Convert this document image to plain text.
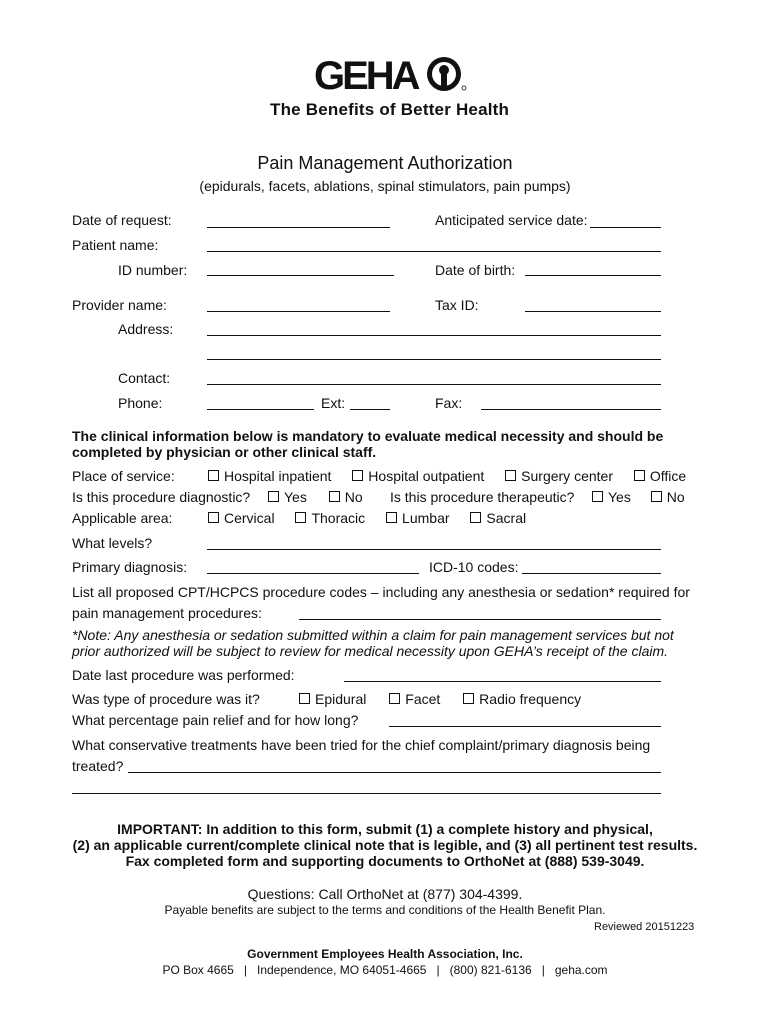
GEHA
The Benefits of Better Health
Pain Management Authorization
(epidurals, facets, ablations, spinal stimulators, pain pumps)
Date of request:	Anticipated service date:
Patient name:
ID number:	Date of birth:
Provider name:	Tax ID:
Address:
Contact:
Phone:	Ext:	Fax:
The clinical information below is mandatory to evaluate medical necessity and should be
completed by physician or other clinical staff.
Place of service:	Hospital inpatient	Hospital outpatient	Surgery center	Office
Is this procedure diagnostic?	Yes	No Is this procedure therapeutic?	Yes	No
Applicable area:	Cervical	Thoracic	Lumbar	Sacral
What levels?
Primary diagnosis:	ICD-10 codes:
List all proposed CPT/HCPCS procedure codes – including any anesthesia or sedation* required for
pain management procedures:
*Note: Any anesthesia or sedation submitted within a claim for pain management services but not
prior authorized will be subject to review for medical necessity upon GEHA’s receipt of the claim.
Date last procedure was performed:
Was type of procedure was it?	Epidural	Facet	Radio frequency
What percentage pain relief and for how long?
What conservative treatments have been tried for the chief complaint/primary diagnosis being
treated?
IMPORTANT: In addition to this form, submit (1) a complete history and physical,
(2) an applicable current/complete clinical note that is legible, and (3) all pertinent test results.
Fax completed form and supporting documents to OrthoNet at (888) 539-3049.
Questions: Call OrthoNet at (877) 304-4399.
Payable benefits are subject to the terms and conditions of the Health Benefit Plan.
Reviewed 20151223
Government Employees Health Association, Inc.
PO Box 4665 | Independence, MO 64051-4665 | (800) 821-6136 | geha.com
